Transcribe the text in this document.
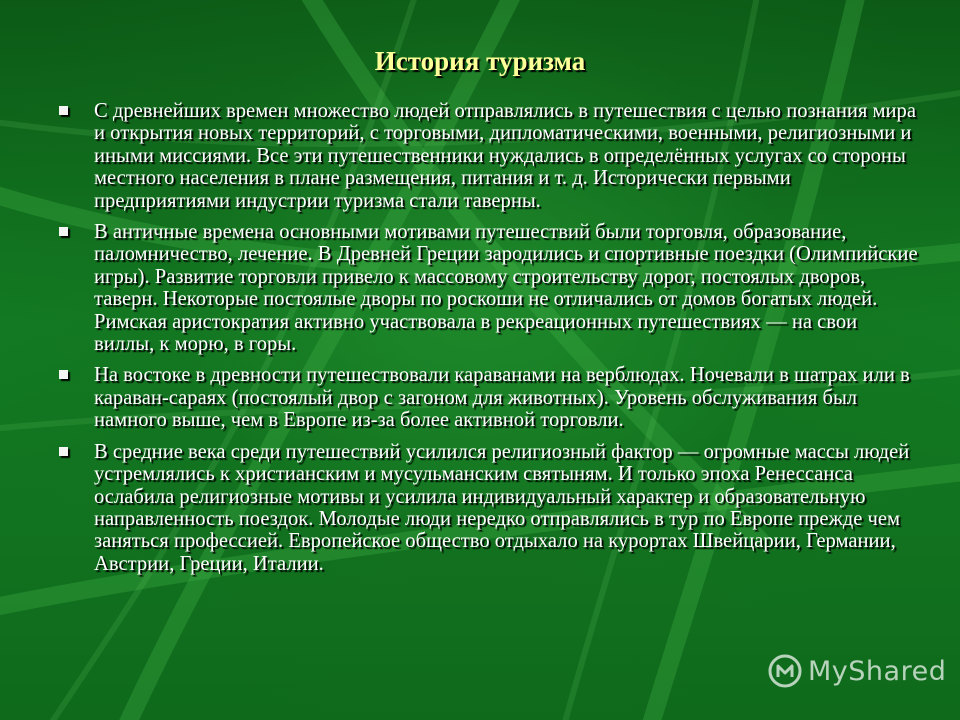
История туризма
С древнейших времен множество людей отправлялись в путешествия с целью познания мира и открытия новых территорий, с торговыми, дипломатическими, военными, религиозными и иными миссиями. Все эти путешественники нуждались в определённых услугах со стороны местного населения в плане размещения, питания и т. д. Исторически первыми предприятиями индустрии туризма стали таверны.
В античные времена основными мотивами путешествий были торговля, образование, паломничество, лечение. В Древней Греции зародились и спортивные поездки (Олимпийские игры). Развитие торговли привело к массовому строительству дорог, постоялых дворов, таверн. Некоторые постоялые дворы по роскоши не отличались от домов богатых людей. Римская аристократия активно участвовала в рекреационных путешествиях — на свои виллы, к морю, в горы.
На востоке в древности путешествовали караванами на верблюдах. Ночевали в шатрах или в караван-сараях (постоялый двор с загоном для животных). Уровень обслуживания был намного выше, чем в Европе из-за более активной торговли.
В средние века среди путешествий усилился религиозный фактор — огромные массы людей устремлялись к христианским и мусульманским святыням. И только эпоха Ренессанса ослабила религиозные мотивы и усилила индивидуальный характер и образовательную направленность поездок. Молодые люди нередко отправлялись в тур по Европе прежде чем заняться профессией. Европейское общество отдыхало на курортах Швейцарии, Германии, Австрии, Греции, Италии.
MyShared
